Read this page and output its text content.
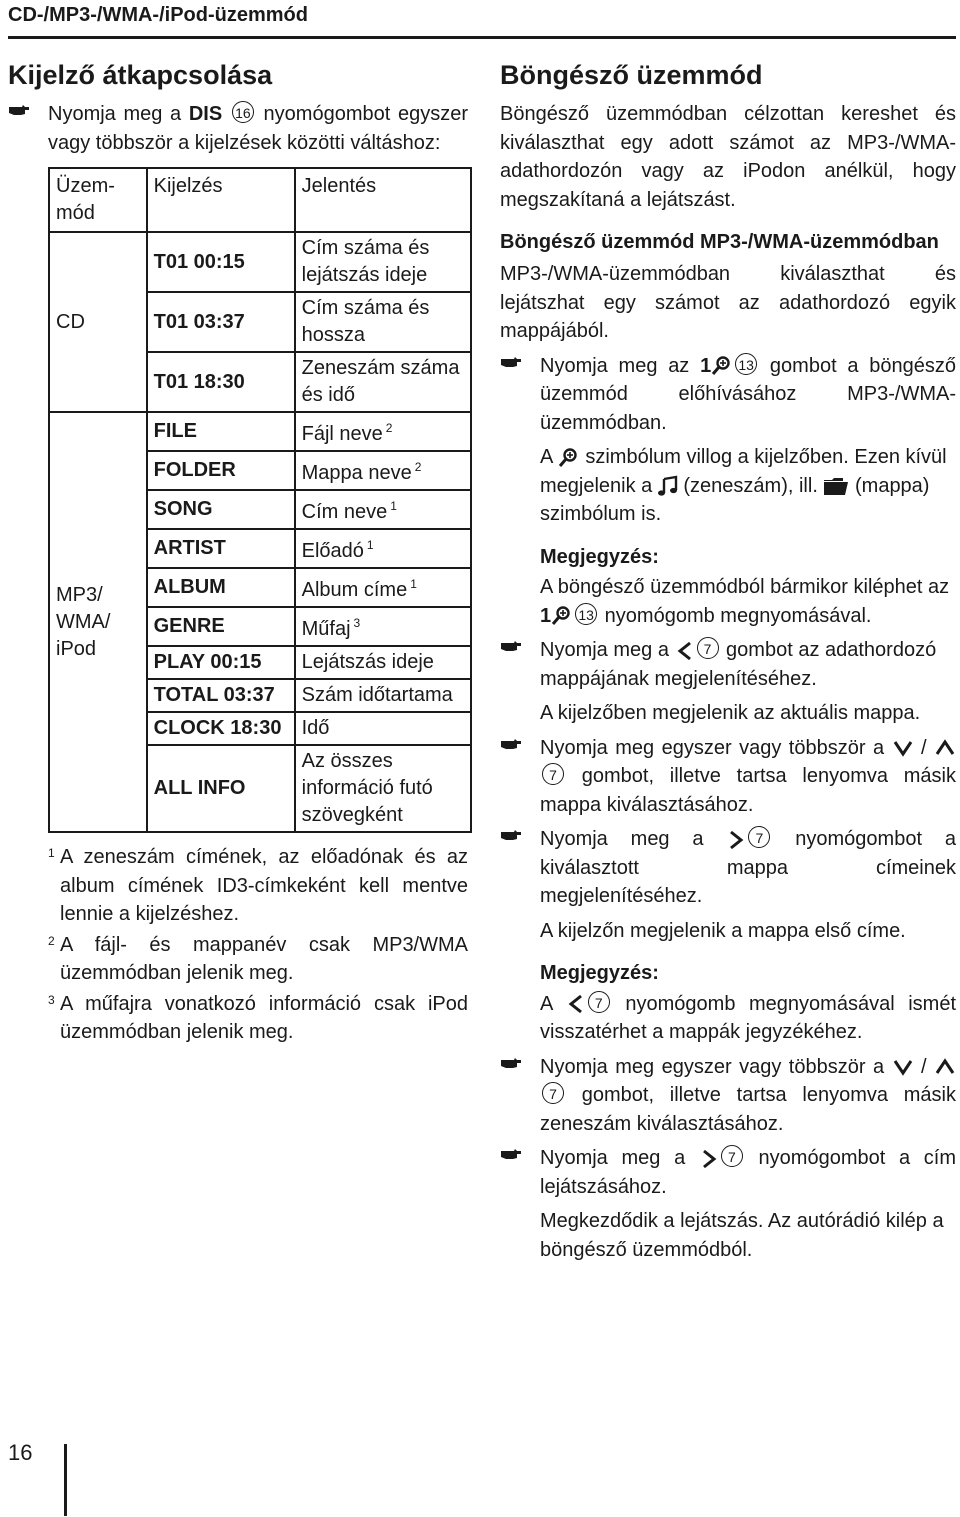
CD-/MP3-/WMA-/iPod-üzemmód
Kijelző átkapcsolása
Nyomja meg a DIS 16 nyomógombot egyszer vagy többször a kijelzések közötti váltáshoz:
Üzem-mód	Kijelzés	Jelentés
CD	T01 00:15	Cím száma és lejátszás ideje
	T01 03:37	Cím száma és hossza
	T01 18:30	Zeneszám száma és idő
MP3/ WMA/ iPod	FILE	Fájl neve $^2$
	FOLDER	Mappa neve $^2$
	SONG	Cím neve $^1$
	ARTIST	Előadó $^1$
	ALBUM	Album címe $^1$
	GENRE	Műfaj $^3$
	PLAY 00:15	Lejátszás ideje
	TOTAL 03:37	Szám időtartama
	CLOCK 18:30	Idő
	ALL INFO	Az összes információ futó szövegként
1 A zeneszám címének, az előadónak és az album címének ID3-címkeként kell mentve lennie a kijelzéshez.
2 A fájl- és mappanév csak MP3/WMA üzemmódban jelenik meg.
3 A műfajra vonatkozó információ csak iPod üzemmódban jelenik meg.
Böngésző üzemmód

Böngésző üzemmódban célzottan kereshet és kiválaszthat egy adott számot az MP3-/WMA-adathordozón vagy az iPodon anélkül, hogy megszakítaná a lejátszást.

Böngésző üzemmód MP3-/WMA-üzemmódban

MP3-/WMA-üzemmódban kiválaszthat és lejátszhat egy számot az adathordozó egyik mappájából.

Nyomja meg az 1 13 gombot a böngésző üzemmód előhívásához MP3-/WMA-üzemmódban.
A  szimbólum villog a kijelzőben. Ezen kívül megjelenik a  (zeneszám), ill.  (mappa) szimbólum is.

Megjegyzés:

A böngésző üzemmódból bármikor kiléphet az 1 13 nyomógomb megnyomásával.
Nyomja meg a 7 gombot az adathordozó mappájának megjelenítéséhez.

A kijelzőben megjelenik az aktuális mappa.

Nyomja meg egyszer vagy többször a  / 7 gombot, illetve tartsa lenyomva másik mappa kiválasztásához.
Nyomja meg a 7 nyomógombot a kiválasztott mappa címeinek megjelenítéséhez.

A kijelzőn megjelenik a mappa első címe.

Megjegyzés:

A 7 nyomógomb megnyomásával ismét visszatérhet a mappák jegyzékéhez.
Nyomja meg egyszer vagy többször a  / 7 gombot, illetve tartsa lenyomva másik zeneszám kiválasztásához.
Nyomja meg a 7 nyomógombot a cím lejátszásához.

Megkezdődik a lejátszás. Az autórádió kilép a böngésző üzemmódból.

16
